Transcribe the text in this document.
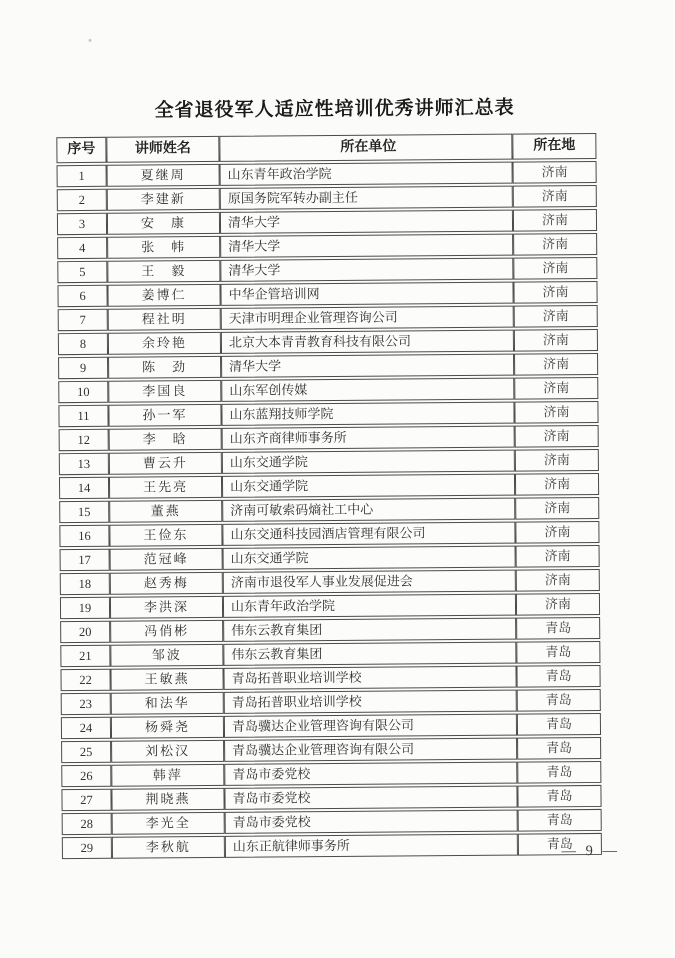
全省退役军人适应性培训优秀讲师汇总表
序号	讲师姓名	所在单位	所在地
1	夏继周	山东青年政治学院	济南
2	李建新	原国务院军转办副主任	济南
3	安　康	清华大学	济南
4	张　帏	清华大学	济南
5	王　毅	清华大学	济南
6	姜博仁	中华企管培训网	济南
7	程社明	天津市明理企业管理咨询公司	济南
8	余玲艳	北京大本青青教育科技有限公司	济南
9	陈　劲	清华大学	济南
10	李国良	山东军创传媒	济南
11	孙一军	山东蓝翔技师学院	济南
12	李　晗	山东齐商律师事务所	济南
13	曹云升	山东交通学院	济南
14	王先亮	山东交通学院	济南
15	董燕	济南可敏索码熵社工中心	济南
16	王俭东	山东交通科技园酒店管理有限公司	济南
17	范冠峰	山东交通学院	济南
18	赵秀梅	济南市退役军人事业发展促进会	济南
19	李洪深	山东青年政治学院	济南
20	冯俏彬	伟东云教育集团	青岛
21	邹波	伟东云教育集团	青岛
22	王敏燕	青岛拓普职业培训学校	青岛
23	和法华	青岛拓普职业培训学校	青岛
24	杨舜尧	青岛骥达企业管理咨询有限公司	青岛
25	刘松汉	青岛骥达企业管理咨询有限公司	青岛
26	韩萍	青岛市委党校	青岛
27	荆晓燕	青岛市委党校	青岛
28	李光全	青岛市委党校	青岛
29	李秋航	山东正航律师事务所	青岛
— 9 —
